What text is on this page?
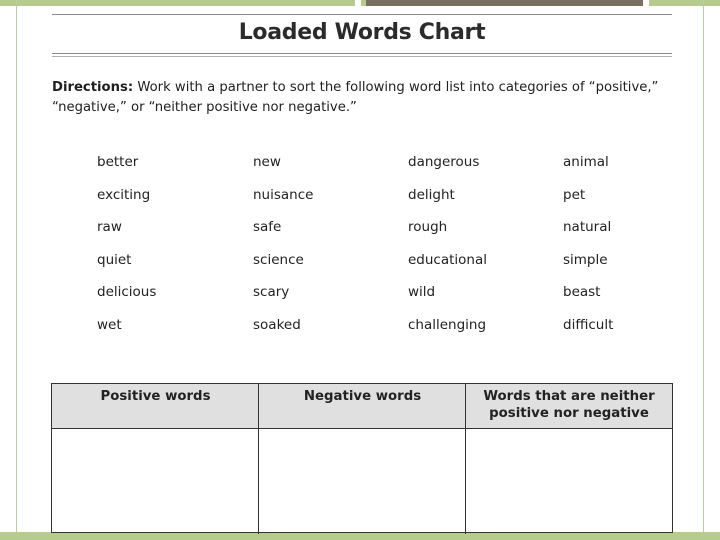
Loaded Words Chart
Directions: Work with a partner to sort the following word list into categories of “positive,”
“negative,” or “neither positive nor negative.”
better	new	dangerous	animal
exciting	nuisance	delight	pet
raw	safe	rough	natural
quiet	science	educational	simple
delicious	scary	wild	beast
wet	soaked	challenging	difficult
Positive words	Negative words	Words that are neither
positive nor negative
